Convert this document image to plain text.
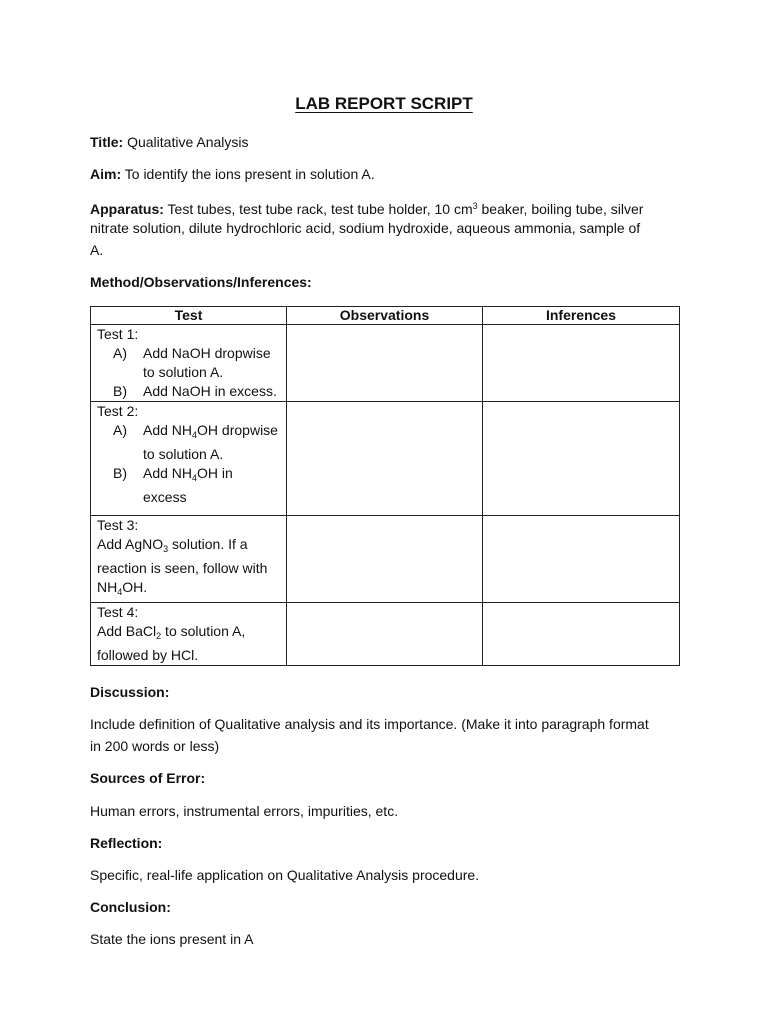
LAB REPORT SCRIPT
Title: Qualitative Analysis
Aim: To identify the ions present in solution A.
Apparatus: Test tubes, test tube rack, test tube holder, 10 $cm^3$ beaker, boiling tube, silver
nitrate solution, dilute hydrochloric acid, sodium hydroxide, aqueous ammonia, sample of
A.
Method/Observations/Inferences:
Test	Observations	Inferences

Test 1:
A) Add NaOH dropwise to solution A.
B) Add NaOH in excess.		

Test 2:
A) Add $NH_4OH$ dropwise to solution A.
B) Add $NH_4OH$ in excess		

Test 3:
Add AgNO$_3$ solution. If a reaction is seen, follow with $NH_4OH$.		

Test 4:
Add BaCl$_2$ to solution A, followed by HCl.		

Discussion:
Include definition of Qualitative analysis and its importance. (Make it into paragraph format
in 200 words or less)
Sources of Error:
Human errors, instrumental errors, impurities, etc.
Reflection:
Specific, real-life application on Qualitative Analysis procedure.
Conclusion:
State the ions present in A
